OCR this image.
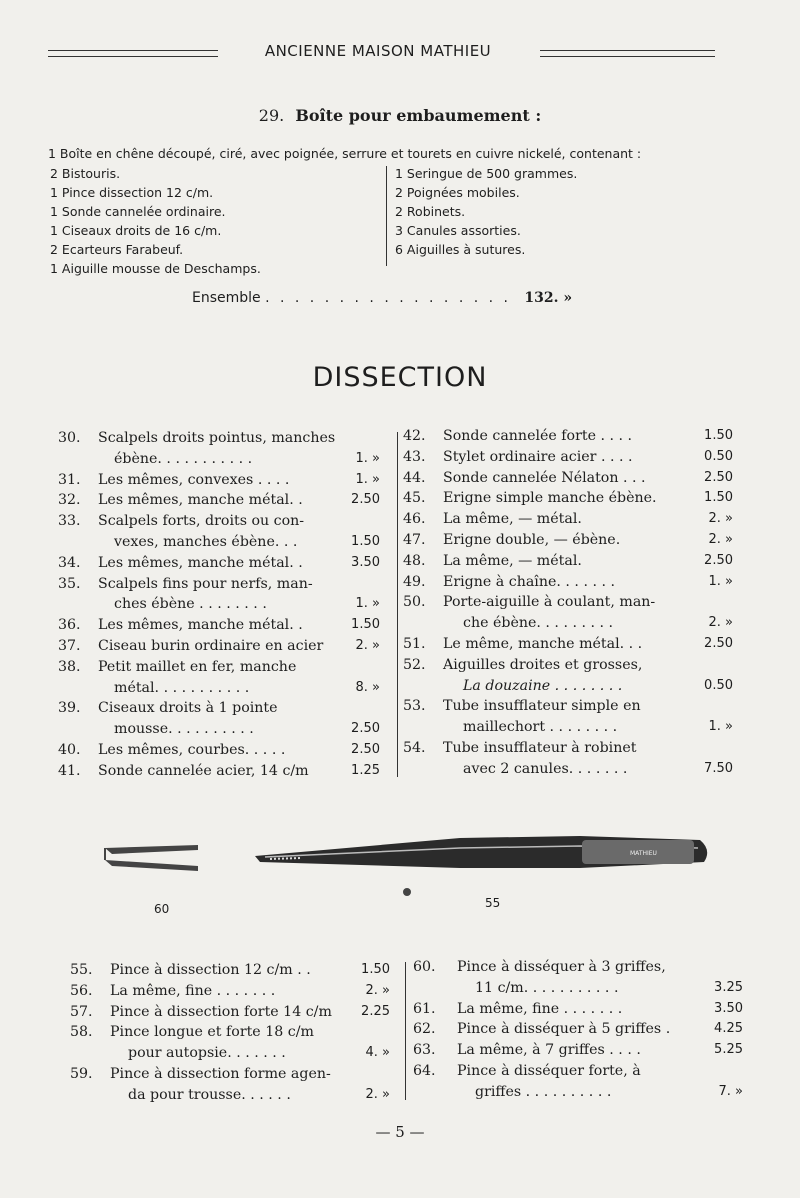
ANCIENNE MAISON MATHIEU
29. Boîte pour embaumement :
1 Boîte en chêne découpé, ciré, avec poignée, serrure et tourets en cuivre nickelé, contenant :
2 Bistouris.
1 Pince dissection 12 c/m.
1 Sonde cannelée ordinaire.
1 Ciseaux droits de 16 c/m.
2 Ecarteurs Farabeuf.
1 Aiguille mousse de Deschamps.
1 Seringue de 500 grammes.
2 Poignées mobiles.
2 Robinets.
3 Canules assorties.
6 Aiguilles à sutures.
Ensemble . . . . . . . . . . . . . . . . . 132. »
DISSECTION
30. Scalpels droits pointus, manches
ébène. . . . . . . . . . .	1. »
31. Les mêmes, convexes . . . .	1. »
32. Les mêmes, manche métal. .	2.50
33. Scalpels forts, droits ou con-
vexes, manches ébène. . .	1.50
34. Les mêmes, manche métal. .	3.50
35. Scalpels fins pour nerfs, man-
ches ébène . . . . . . . .	1. »
36. Les mêmes, manche métal. .	1.50
37. Ciseau burin ordinaire en acier 2. »
38. Petit maillet en fer, manche
métal. . . . . . . . . . .	8. »
39. Ciseaux droits à 1 pointe
mousse. . . . . . . . . .	2.50
40. Les mêmes, courbes. . . . .	2.50
41. Sonde cannelée acier, 14 c/m	1.25
42. Sonde cannelée forte . . . .	1.50
43. Stylet ordinaire acier . . . .	0.50
44. Sonde cannelée Nélaton . . .	2.50
45. Erigne simple manche ébène.	1.50
46. La même, — métal.	2. »
47. Erigne double, — ébène.	2. »
48. La même, — métal.	2.50
49. Erigne à chaîne. . . . . . .	1. »
50. Porte-aiguille à coulant, man-
che ébène. . . . . . . . .	2. »
51. Le même, manche métal. . .	2.50
52. Aiguilles droites et grosses,
La douzaine . . . . . . . .	0.50
53. Tube insufflateur simple en
maillechort . . . . . . . .	1. »
54. Tube insufflateur à robinet
avec 2 canules. . . . . . .	7.50
MATHIEU
60	55
55. Pince à dissection 12 c/m . .	1.50
56. La même, fine . . . . . . .	2. »
57. Pince à dissection forte 14 c/m 2.25
58. Pince longue et forte 18 c/m
pour autopsie. . . . . . .	4. »
59. Pince à dissection forme agen-
da pour trousse. . . . . .	2. »
60. Pince à disséquer à 3 griffes,
11 c/m. . . . . . . . . . .	3.25
61. La même, fine . . . . . . .	3.50
62. Pince à disséquer à 5 griffes .	4.25
63. La même, à 7 griffes . . . .	5.25
64. Pince à disséquer forte, à
griffes . . . . . . . . . .	7. »
— 5 —
